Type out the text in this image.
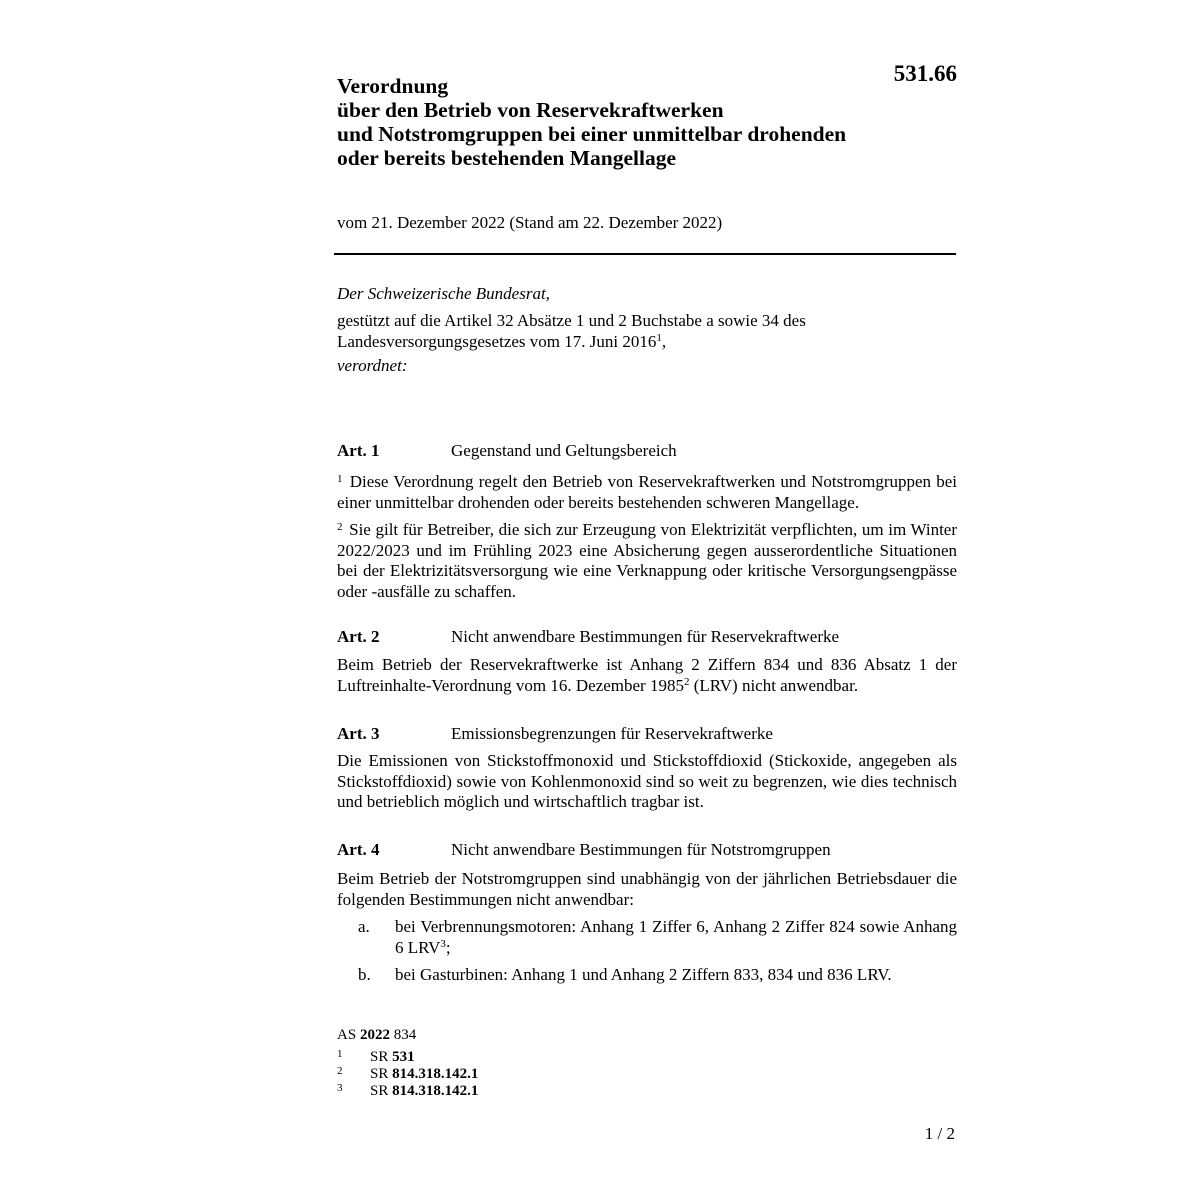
531.66
Verordnung
über den Betrieb von Reservekraftwerken
und Notstromgruppen bei einer unmittelbar drohenden
oder bereits bestehenden Mangellage
vom 21. Dezember 2022 (Stand am 22. Dezember 2022)

Der Schweizerische Bundesrat,

gestützt auf die Artikel 32 Absätze 1 und 2 Buchstabe a sowie 34 des
Landesversorgungsgesetzes vom 17. Juni 2016$^1$,

verordnet:

Art. 1	Gegenstand und Geltungsbereich

$^1$ Diese Verordnung regelt den Betrieb von Reservekraftwerken und Notstromgruppen bei einer unmittelbar drohenden oder bereits bestehenden schweren Mangellage.

$^2$ Sie gilt für Betreiber, die sich zur Erzeugung von Elektrizität verpflichten, um im Winter 2022/2023 und im Frühling 2023 eine Absicherung gegen ausserordentliche Situationen bei der Elektrizitätsversorgung wie eine Verknappung oder kritische Versorgungsengpässe oder -ausfälle zu schaffen.

Art. 2	Nicht anwendbare Bestimmungen für Reservekraftwerke

Beim Betrieb der Reservekraftwerke ist Anhang 2 Ziffern 834 und 836 Absatz 1 der Luftreinhalte-Verordnung vom 16. Dezember 1985$^2$ (LRV) nicht anwendbar.

Art. 3	Emissionsbegrenzungen für Reservekraftwerke

Die Emissionen von Stickstoffmonoxid und Stickstoffdioxid (Stickoxide, angegeben als Stickstoffdioxid) sowie von Kohlenmonoxid sind so weit zu begrenzen, wie dies technisch und betrieblich möglich und wirtschaftlich tragbar ist.

Art. 4	Nicht anwendbare Bestimmungen für Notstromgruppen

Beim Betrieb der Notstromgruppen sind unabhängig von der jährlichen Betriebsdauer die folgenden Bestimmungen nicht anwendbar:

a. bei Verbrennungsmotoren: Anhang 1 Ziffer 6, Anhang 2 Ziffer 824 sowie Anhang 6 LRV$^3$;
b. bei Gasturbinen: Anhang 1 und Anhang 2 Ziffern 833, 834 und 836 LRV.
AS 2022 834
1 SR 531
2 SR 814.318.142.1
3 SR 814.318.142.1
1 / 2
